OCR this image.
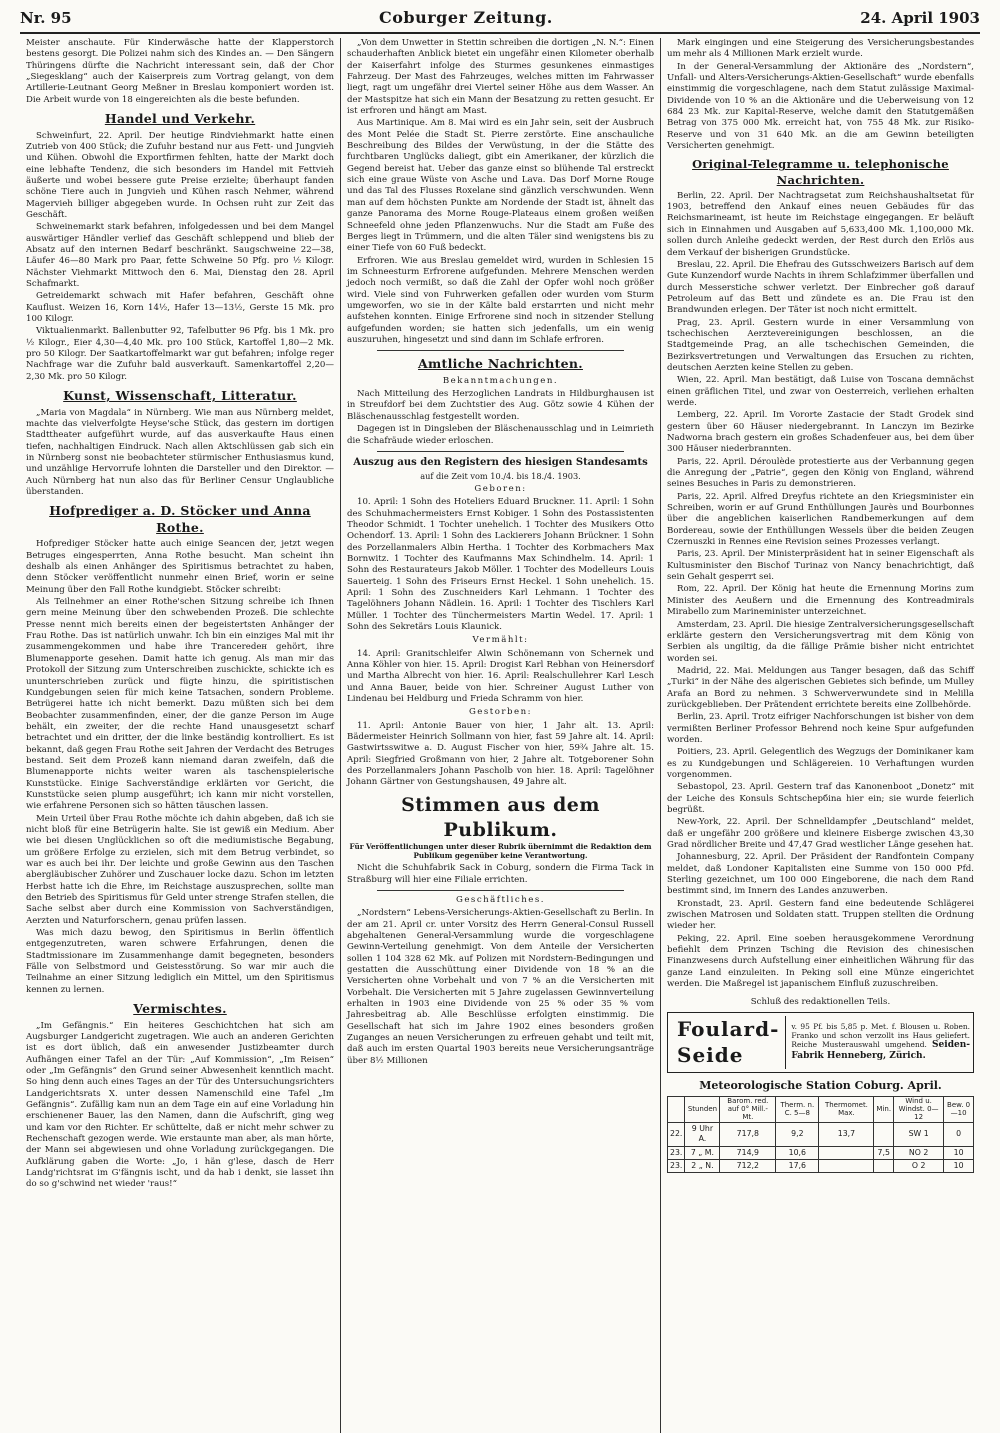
Nr. 95	Coburger Zeitung.	24. April 1903

Meister anschaute. Für Kinderwäsche hatte der Klapperstorch bestens gesorgt. Die Polizei nahm sich des Kindes an. — Den Sängern Thüringens dürfte die Nachricht interessant sein, daß der Chor „Siegesklang“ auch der Kaiserpreis zum Vortrag gelangt, von dem Artillerie-Leutnant Georg Meßner in Breslau komponiert worden ist. Die Arbeit wurde von 18 eingereichten als die beste befunden.

Handel und Verkehr.

Schweinfurt, 22. April. Der heutige Rindviehmarkt hatte einen Zutrieb von 400 Stück; die Zufuhr bestand nur aus Fett- und Jungvieh und Kühen. Obwohl die Exportfirmen fehlten, hatte der Markt doch eine lebhafte Tendenz, die sich besonders im Handel mit Fettvieh äußerte und wobei bessere gute Preise erzielte; überhaupt fanden schöne Tiere auch in Jungvieh und Kühen rasch Nehmer, während Magervieh billiger abgegeben wurde. In Ochsen ruht zur Zeit das Geschäft.

Schweinemarkt stark befahren, infolgedessen und bei dem Mangel auswärtiger Händler verlief das Geschäft schleppend und blieb der Absatz auf den internen Bedarf beschränkt. Saugschweine 22—38, Läufer 46—80 Mark pro Paar, fette Schweine 50 Pfg. pro ½ Kilogr. Nächster Viehmarkt Mittwoch den 6. Mai, Dienstag den 28. April Schafmarkt.

Getreidemarkt schwach mit Hafer befahren, Geschäft ohne Kauflust. Weizen 16, Korn 14½, Hafer 13—13½, Gerste 15 Mk. pro 100 Kilogr.

Viktualienmarkt. Ballenbutter 92, Tafelbutter 96 Pfg. bis 1 Mk. pro ½ Kilogr., Eier 4,30—4,40 Mk. pro 100 Stück, Kartoffel 1,80—2 Mk. pro 50 Kilogr. Der Saatkartoffelmarkt war gut befahren; infolge reger Nachfrage war die Zufuhr bald ausverkauft. Samenkartoffel 2,20—2,30 Mk. pro 50 Kilogr.

Kunst, Wissenschaft, Litteratur.

„Maria von Magdala“ in Nürnberg. Wie man aus Nürnberg meldet, machte das vielverfolgte Heyse'sche Stück, das gestern im dortigen Stadttheater aufgeführt wurde, auf das ausverkaufte Haus einen tiefen, nachhaltigen Eindruck. Nach allen Aktschlüssen gab sich ein in Nürnberg sonst nie beobachteter stürmischer Enthusiasmus kund, und unzählige Hervorrufe lohnten die Darsteller und den Direktor. — Auch Nürnberg hat nun also das für Berliner Censur Unglaubliche überstanden.

Hofprediger a. D. Stöcker und Anna Rothe.

Hofprediger Stöcker hatte auch einige Seancen der, jetzt wegen Betruges eingesperrten, Anna Rothe besucht. Man scheint ihn deshalb als einen Anhänger des Spiritismus betrachtet zu haben, denn Stöcker veröffentlicht nunmehr einen Brief, worin er seine Meinung über den Fall Rothe kundgiebt. Stöcker schreibt:

Als Teilnehmer an einer Rothe'schen Sitzung schreibe ich Ihnen gern meine Meinung über den schwebenden Prozeß. Die schlechte Presse nennt mich bereits einen der begeistertsten Anhänger der Frau Rothe. Das ist natürlich unwahr. Ich bin ein einziges Mal mit ihr zusammengekommen und habe ihre Tranceredeн gehört, ihre Blumenapporte gesehen. Damit hatte ich genug. Als man mir das Protokoll der Sitzung zum Unterschreiben zuschickte, schickte ich es ununterschrieben zurück und fügte hinzu, die spiritistischen Kundgebungen seien für mich keine Tatsachen, sondern Probleme. Betrügerei hatte ich nicht bemerkt. Dazu müßten sich bei dem Beobachter zusammenfinden, einer, der die ganze Person im Auge behält, ein zweiter, der die rechte Hand unausgesetzt scharf betrachtet und ein dritter, der die linke beständig kontrolliert. Es ist bekannt, daß gegen Frau Rothe seit Jahren der Verdacht des Betruges bestand. Seit dem Prozeß kann niemand daran zweifeln, daß die Blumenapporte nichts weiter waren als taschenspielerische Kunststücke. Einige Sachverständige erklärten vor Gericht, die Kunststücke seien plump ausgeführt; ich kann mir nicht vorstellen, wie erfahrene Personen sich so hätten täuschen lassen.

Mein Urteil über Frau Rothe möchte ich dahin abgeben, daß ich sie nicht bloß für eine Betrügerin halte. Sie ist gewiß ein Medium. Aber wie bei diesen Unglücklichen so oft die mediumistische Begabung, um größere Erfolge zu erzielen, sich mit dem Betrug verbindet, so war es auch bei ihr. Der leichte und große Gewinn aus den Taschen abergläubischer Zuhörer und Zuschauer locke dazu. Schon im letzten Herbst hatte ich die Ehre, im Reichstage auszusprechen, sollte man den Betrieb des Spiritismus für Geld unter strenge Strafen stellen, die Sache selbst aber durch eine Kommission von Sachverständigen, Aerzten und Naturforschern, genau prüfen lassen.

Was mich dazu bewog, den Spiritismus in Berlin öffentlich entgegenzutreten, waren schwere Erfahrungen, denen die Stadtmissionare im Zusammenhange damit begegneten, besonders Fälle von Selbstmord und Geistesstörung. So war mir auch die Teilnahme an einer Sitzung lediglich ein Mittel, um den Spiritismus kennen zu lernen.

Vermischtes.

„Im Gefängnis.“ Ein heiteres Geschichtchen hat sich am Augsburger Landgericht zugetragen. Wie auch an anderen Gerichten ist es dort üblich, daß ein anwesender Justizbeamter durch Aufhängen einer Tafel an der Tür: „Auf Kommission“, „Im Reisen“ oder „Im Gefängnis“ den Grund seiner Abwesenheit kenntlich macht. So hing denn auch eines Tages an der Tür des Untersuchungsrichters Landgerichtsrats X. unter dessen Namenschild eine Tafel „Im Gefängnis“. Zufällig kam nun an dem Tage ein auf eine Vorladung hin erschienener Bauer, las den Namen, dann die Aufschrift, ging weg und kam vor den Richter. Er schüttelte, daß er nicht mehr schwer zu Rechenschaft gezogen werde. Wie erstaunte man aber, als man hörte, der Mann sei abgewiesen und ohne Vorladung zurückgegangen. Die Aufklärung gaben die Worte: „Jo, i hän g'lese, dasch de Herr Landg'richtsrat im G'fängnis ischt, und da hab i denkt, sie lasset ihn do so g'schwind net wieder 'raus!“

„Von dem Unwetter in Stettin schreiben die dortigen „N. N.“: Einen schauderhaften Anblick bietet ein ungefähr einen Kilometer oberhalb der Kaiserfahrt infolge des Sturmes gesunkenes einmastiges Fahrzeug. Der Mast des Fahrzeuges, welches mitten im Fahrwasser liegt, ragt um ungefähr drei Viertel seiner Höhe aus dem Wasser. An der Mastspitze hat sich ein Mann der Besatzung zu retten gesucht. Er ist erfroren und hängt am Mast.

Aus Martinique. Am 8. Mai wird es ein Jahr sein, seit der Ausbruch des Mont Pelée die Stadt St. Pierre zerstörte. Eine anschauliche Beschreibung des Bildes der Verwüstung, in der die Stätte des furchtbaren Unglücks daliegt, gibt ein Amerikaner, der kürzlich die Gegend bereist hat. Ueber das ganze einst so blühende Tal erstreckt sich eine graue Wüste von Asche und Lava. Das Dorf Morne Rouge und das Tal des Flusses Roxelane sind gänzlich verschwunden. Wenn man auf dem höchsten Punkte am Nordende der Stadt ist, ähnelt das ganze Panorama des Morne Rouge-Plateaus einem großen weißen Schneefeld ohne jeden Pflanzenwuchs. Nur die Stadt am Fuße des Berges liegt in Trümmern, und die alten Täler sind wenigstens bis zu einer Tiefe von 60 Fuß bedeckt.

Erfroren. Wie aus Breslau gemeldet wird, wurden in Schlesien 15 im Schneesturm Erfrorene aufgefunden. Mehrere Menschen werden jedoch noch vermißt, so daß die Zahl der Opfer wohl noch größer wird. Viele sind von Fuhrwerken gefallen oder wurden vom Sturm umgeworfen, wo sie in der Kälte bald erstarrten und nicht mehr aufstehen konnten. Einige Erfrorene sind noch in sitzender Stellung aufgefunden worden; sie hatten sich jedenfalls, um ein wenig auszuruhen, hingesetzt und sind dann im Schlafe erfroren.

Amtliche Nachrichten.
Bekanntmachungen.

Nach Mitteilung des Herzoglichen Landrats in Hildburghausen ist in Streufdorf bei dem Zuchtstier des Aug. Götz sowie 4 Kühen der Bläschenausschlag festgestellt worden.

Dagegen ist in Dingsleben der Bläschenausschlag und in Leimrieth die Schafräude wieder erloschen.

Auszug aus den Registern des hiesigen Standesamts
auf die Zeit vom 10./4. bis 18./4. 1903.
Geboren:

10. April: 1 Sohn des Hoteliers Eduard Bruckner. 11. April: 1 Sohn des Schuhmachermeisters Ernst Kobiger. 1 Sohn des Postassistenten Theodor Schmidt. 1 Tochter unehelich. 1 Tochter des Musikers Otto Ochendorf. 13. April: 1 Sohn des Lackierers Johann Brückner. 1 Sohn des Porzellanmalers Albin Hertha. 1 Tochter des Korbmachers Max Bornwitz. 1 Tochter des Kaufmanns Max Schindhelm. 14. April: 1 Sohn des Restaurateurs Jakob Möller. 1 Tochter des Modelleurs Louis Sauerteig. 1 Sohn des Friseurs Ernst Heckel. 1 Sohn unehelich. 15. April: 1 Sohn des Zuschneiders Karl Lehmann. 1 Tochter des Tagelöhners Johann Nädlein. 16. April: 1 Tochter des Tischlers Karl Müller. 1 Tochter des Tünchermeisters Martin Wedel. 17. April: 1 Sohn des Sekretärs Louis Klaunick.

Vermählt:

14. April: Granitschleifer Alwin Schönemann von Schernek und Anna Köhler von hier. 15. April: Drogist Karl Rebhan von Heinersdorf und Martha Albrecht von hier. 16. April: Realschullehrer Karl Lesch und Anna Bauer, beide von hier. Schreiner August Luther von Lindenau bei Heldburg und Frieda Schramm von hier.

Gestorben:

11. April: Antonie Bauer von hier, 1 Jahr alt. 13. April: Bädermeister Heinrich Sollmann von hier, fast 59 Jahre alt. 14. April: Gastwirtsswitwe a. D. August Fischer von hier, 59¾ Jahre alt. 15. April: Siegfried Großmann von hier, 2 Jahre alt. Totgeborener Sohn des Porzellanmalers Johann Pascholb von hier. 18. April: Tagelöhner Johann Gärtner von Gestungshausen, 49 Jahre alt.

Stimmen aus dem Publikum.
Für Veröffentlichungen unter dieser Rubrik übernimmt die Redaktion dem Publikum gegenüber keine Verantwortung.

Nicht die Schuhfabrik Sack in Coburg, sondern die Firma Tack in Straßburg will hier eine Filiale errichten.

Geschäftliches.

„Nordstern“ Lebens-Versicherungs-Aktien-Gesellschaft zu Berlin. In der am 21. April cr. unter Vorsitz des Herrn General-Consul Russell abgehaltenen General-Versammlung wurde die vorgeschlagene Gewinn-Verteilung genehmigt. Von dem Anteile der Versicherten sollen 1 104 328 62 Mk. auf Polizen mit Nordstern-Bedingungen und gestatten die Ausschüttung einer Dividende von 18 % an die Versicherten ohne Vorbehalt und von 7 % an die Versicherten mit Vorbehalt. Die Versicherten mit 5 Jahre zugelassen Gewinnverteilung erhalten in 1903 eine Dividende von 25 % oder 35 % vom Jahresbeitrag ab. Alle Beschlüsse erfolgten einstimmig. Die Gesellschaft hat sich im Jahre 1902 eines besonders großen Zuganges an neuen Versicherungen zu erfreuen gehabt und teilt mit, daß auch im ersten Quartal 1903 bereits neue Versicherungsanträge über 8½ Millionen

Mark eingingen und eine Steigerung des Versicherungsbestandes um mehr als 4 Millionen Mark erzielt wurde.

In der General-Versammlung der Aktionäre des „Nordstern“, Unfall- und Alters-Versicherungs-Aktien-Gesellschaft“ wurde ebenfalls einstimmig die vorgeschlagene, nach dem Statut zulässige Maximal-Dividende von 10 % an die Aktionäre und die Ueberweisung von 12 684 23 Mk. zur Kapital-Reserve, welche damit den Statutgemäßen Betrag von 375 000 Mk. erreicht hat, von 755 48 Mk. zur Risiko-Reserve und von 31 640 Mk. an die am Gewinn beteiligten Versicherten genehmigt.

Original-Telegramme u. telephonische Nachrichten.

Berlin, 22. April. Der Nachtragsetat zum Reichshaushaltsetat für 1903, betreffend den Ankauf eines neuen Gebäudes für das Reichsmarineamt, ist heute im Reichstage eingegangen. Er beläuft sich in Einnahmen und Ausgaben auf 5,633,400 Mk. 1,100,000 Mk. sollen durch Anleihe gedeckt werden, der Rest durch den Erlös aus dem Verkauf der bisherigen Grundstücke.

Breslau, 22. April. Die Ehefrau des Gutsschweizers Barisch auf dem Gute Kunzendorf wurde Nachts in ihrem Schlafzimmer überfallen und durch Messerstiche schwer verletzt. Der Einbrecher goß darauf Petroleum auf das Bett und zündete es an. Die Frau ist den Brandwunden erlegen. Der Täter ist noch nicht ermittelt.

Prag, 23. April. Gestern wurde in einer Versammlung von tschechischen Aerztevereinigungen beschlossen, an die Stadtgemeinde Prag, an alle tschechischen Gemeinden, die Bezirksvertretungen und Verwaltungen das Ersuchen zu richten, deutschen Aerzten keine Stellen zu geben.

Wien, 22. April. Man bestätigt, daß Luise von Toscana demnächst einen gräflichen Titel, und zwar von Oesterreich, verliehen erhalten werde.

Lemberg, 22. April. Im Vororte Zastacie der Stadt Grodek sind gestern über 60 Häuser niedergebrannt. In Lanczyn im Bezirke Nadworna brach gestern ein großes Schadenfeuer aus, bei dem über 300 Häuser niederbrannten.

Paris, 22. April. Déroulède protestierte aus der Verbannung gegen die Anregung der „Patrie“, gegen den König von England, während seines Besuches in Paris zu demonstrieren.

Paris, 22. April. Alfred Dreyfus richtete an den Kriegsminister ein Schreiben, worin er auf Grund Enthüllungen Jaurès und Bourbonnes über die angeblichen kaiserlichen Randbemerkungen auf dem Bordereau, sowie der Enthüllungen Wessels über die beiden Zeugen Czernuszki in Rennes eine Revision seines Prozesses verlangt.

Paris, 23. April. Der Ministerpräsident hat in seiner Eigenschaft als Kultusminister den Bischof Turinaz von Nancy benachrichtigt, daß sein Gehalt gesperrt sei.

Rom, 22. April. Der König hat heute die Ernennung Morins zum Minister des Aeußern und die Ernennung des Kontreadmirals Mirabello zum Marineminister unterzeichnet.

Amsterdam, 23. April. Die hiesige Zentralversicherungsgesellschaft erklärte gestern den Versicherungsvertrag mit dem König von Serbien als ungiltig, da die fällige Prämie bisher nicht entrichtet worden sei.

Madrid, 22. Mai. Meldungen aus Tanger besagen, daß das Schiff „Turki“ in der Nähe des algerischen Gebietes sich befinde, um Mulley Arafa an Bord zu nehmen. 3 Schwerverwundete sind in Melilla zurückgeblieben. Der Prätendent errichtete bereits eine Zollbehörde.

Berlin, 23. April. Trotz eifriger Nachforschungen ist bisher von dem vermißten Berliner Professor Behrend noch keine Spur aufgefunden worden.

Poitiers, 23. April. Gelegentlich des Wegzugs der Dominikaner kam es zu Kundgebungen und Schlägereien. 10 Verhaftungen wurden vorgenommen.

Sebastopol, 23. April. Gestern traf das Kanonenboot „Donetz“ mit der Leiche des Konsuls Schtschербina hier ein; sie wurde feierlich begrüßt.

New-York, 22. April. Der Schnelldampfer „Deutschland“ meldet, daß er ungefähr 200 größere und kleinere Eisberge zwischen 43,30 Grad nördlicher Breite und 47,47 Grad westlicher Länge gesehen hat.

Johannesburg, 22. April. Der Präsident der Randfontein Company meldet, daß Londoner Kapitalisten eine Summe von 150 000 Pfd. Sterling gezeichnet, um 100 000 Eingeborene, die nach dem Rand bestimmt sind, im Innern des Landes anzuwerben.

Kronstadt, 23. April. Gestern fand eine bedeutende Schlägerei zwischen Matrosen und Soldaten statt. Truppen stellten die Ordnung wieder her.

Peking, 22. April. Eine soeben herausgekommene Verordnung befiehlt dem Prinzen Tsching die Revision des chinesischen Finanzwesens durch Aufstellung einer einheitlichen Währung für das ganze Land einzuleiten. In Peking soll eine Münze eingerichtet werden. Die Maßregel ist japanischem Einfluß zuzuschreiben.

Schluß des redaktionellen Teils.
Foulard-Seide
v. 95 Pf. bis 5,85 p. Met. f. Blousen u. Roben. Franko und schon verzollt ins Haus geliefert. Reiche Musterauswahl umgehend. Seiden-Fabrik Henneberg, Zürich.
Meteorologische Station Coburg. April.
	Stunden	Barom. red. auf 0° Mill.-Mt.	Therm. n. C. 5—8	Thermomet. Max.	Min.	Wind u. Windst. 0—12	Bew. 0—10
22.	9 Uhr A.	717,8	9,2	13,7		SW 1	0
23.	7 „ M.	714,9	10,6		7,5	NO 2	10
23.	2 „ N.	712,2	17,6			O 2	10
